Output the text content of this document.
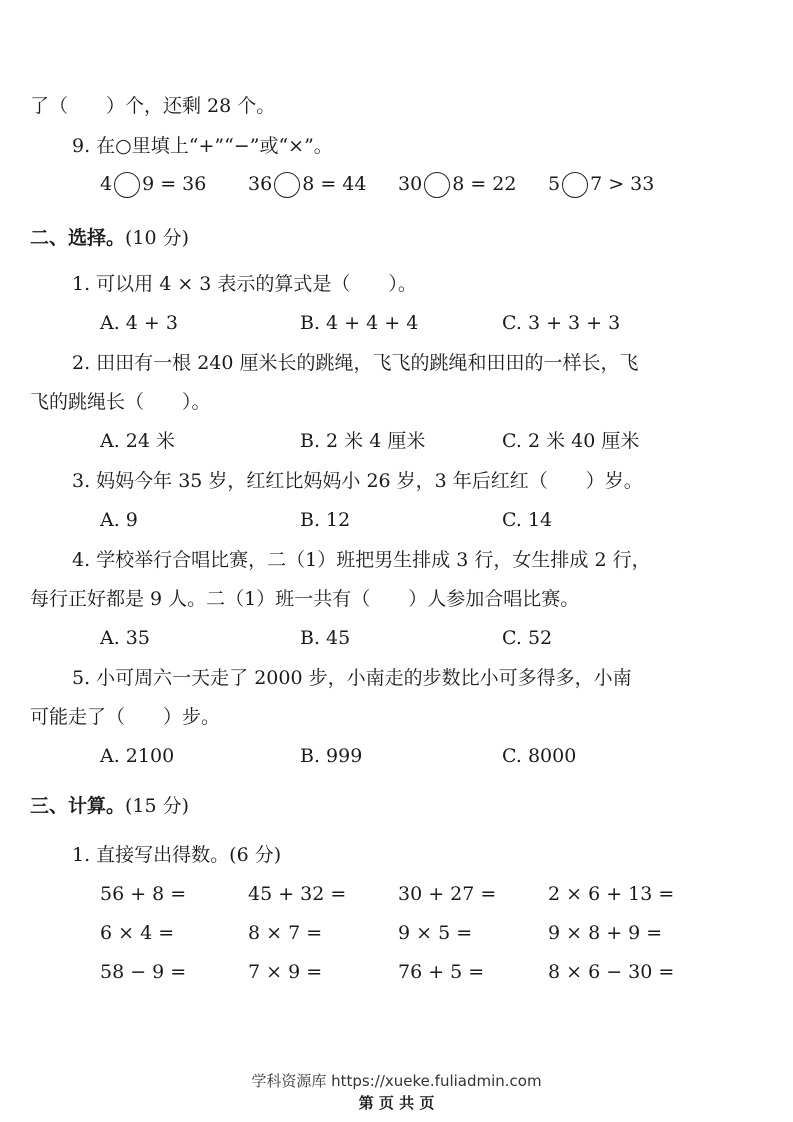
了（　　）个，还剩 28 个。
9. 在○里填上“+”“−”或“×”。
4 9 = 36 36 8 = 44 30 8 = 22 5 7 > 33
二、选择。(10 分)
1. 可以用 4 × 3 表示的算式是（　　）。
A. 4 + 3	B. 4 + 4 + 4	C. 3 + 3 + 3
2. 田田有一根 240 厘米长的跳绳，飞飞的跳绳和田田的一样长，飞
飞的跳绳长（　　）。
A. 24 米	B. 2 米 4 厘米	C. 2 米 40 厘米
3. 妈妈今年 35 岁，红红比妈妈小 26 岁，3 年后红红（　　）岁。
A. 9	B. 12	C. 14
4. 学校举行合唱比赛，二（1）班把男生排成 3 行，女生排成 2 行，
每行正好都是 9 人。二（1）班一共有（　　）人参加合唱比赛。
A. 35	B. 45	C. 52
5. 小可周六一天走了 2000 步，小南走的步数比小可多得多，小南
可能走了（　　）步。
A. 2100	B. 999	C. 8000
三、计算。(15 分)
1. 直接写出得数。(6 分)
56 + 8 =	45 + 32 =	30 + 27 =	2 × 6 + 13 =
6 × 4 =	8 × 7 =	9 × 5 =	9 × 8 + 9 =
58 − 9 =	7 × 9 =	76 + 5 =	8 × 6 − 30 =
学科资源库 https://xueke.fuliadmin.com
第 页 共 页
